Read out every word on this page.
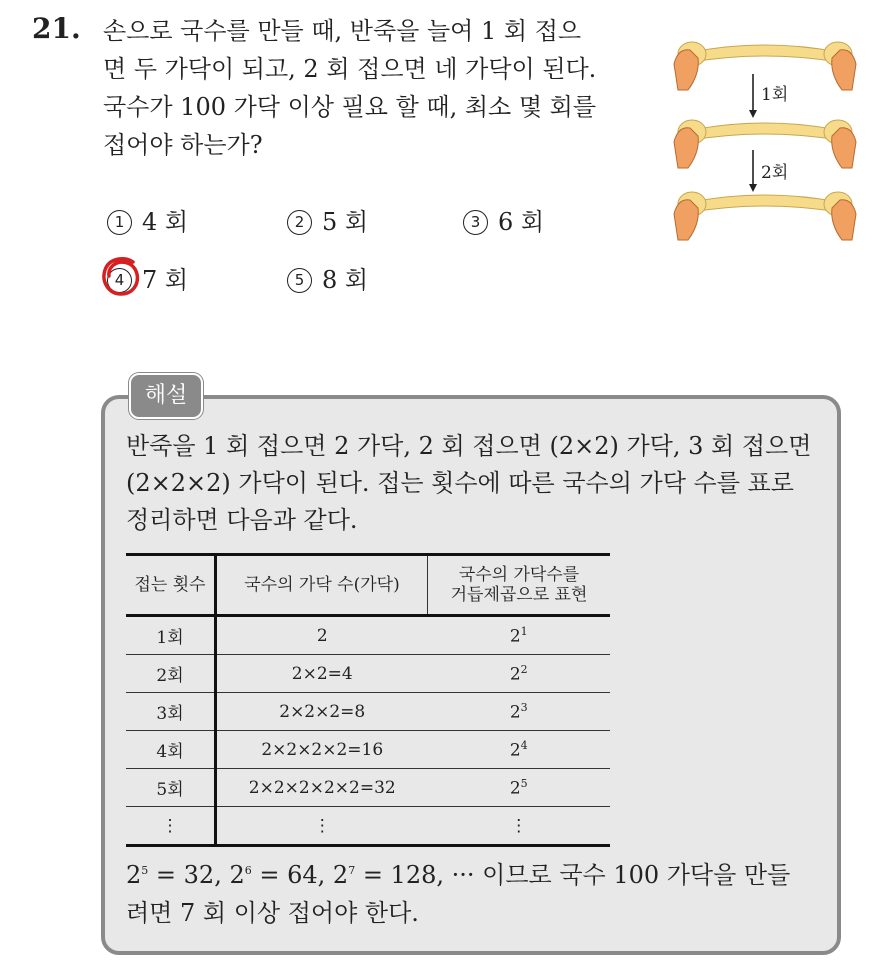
21. 손으로 국수를 만들 때, 반죽을 늘여 1 회 접으
면 두 가닥이 되고, 2 회 접으면 네 가닥이 된다.
국수가 100 가닥 이상 필요 할 때, 최소 몇 회를
접어야 하는가?
1 4 회	2 5 회	3 6 회
4 7 회	5 8 회
1회
2회
해설
반죽을 1 회 접으면 2 가닥, 2 회 접으면 (2×2) 가닥, 3 회 접으면
(2×2×2) 가닥이 된다. 접는 횟수에 따른 국수의 가닥 수를 표로
정리하면 다음과 같다.
접는 횟수	국수의 가닥 수(가닥)	국수의 가닥수를
거듭제곱으로 표현
1회	2	$2^1$
2회	2×2=4	$2^2$
3회	2×2×2=8	$2^3$
4회	2×2×2×2=16	$2^4$
5회	2×2×2×2×2=32	$2^5$
⋮	⋮	⋮
$2^5 = 32$, $2^6 = 64$, $2^7 = 128$, ··· 이므로 국수 100 가닥을 만들
려면 7 회 이상 접어야 한다.
